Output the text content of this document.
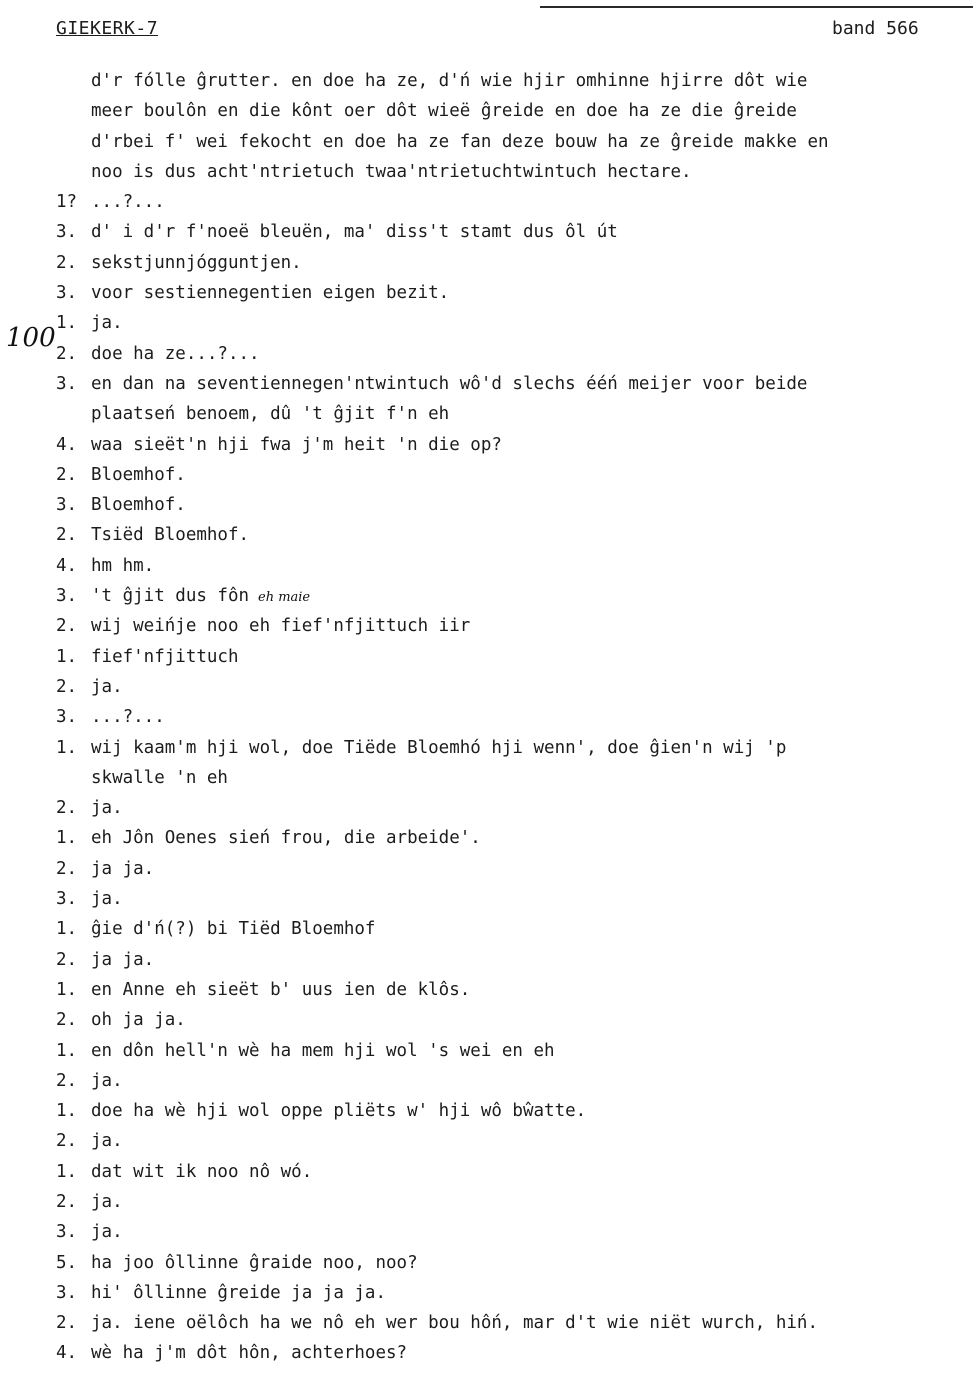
GIEKERK-7	band 566
100
eh maie
d'r fólle ĝrutter. en doe ha ze, d'ń wie hjir omhinne hjirre dôt wie
meer boulôn en die kônt oer dôt wieë ĝreide en doe ha ze die ĝreide
d'rbei f' wei fekocht en doe ha ze fan deze bouw ha ze ĝreide makke en
noo is dus acht'ntrietuch twaa'ntrietuchtwintuch hectare.
1? ...?...
3. d' i d'r f'noeë bleuën, ma' diss't stamt dus ôl út
2. sekstjunnjógguntjen.
3. voor sestiennegentien eigen bezit.
1. ja.
2. doe ha ze...?...
3. en dan na seventiennegen'ntwintuch wô'd slechs ééń meijer voor beide
plaatseń benoem, dû 't ĝjit f'n eh
4. waa sieët'n hji fwa j'm heit 'n die op?
2. Bloemhof.
3. Bloemhof.
2. Tsiëd Bloemhof.
4. hm hm.
3. 't ĝjit dus fôn
2. wij weińje noo eh fief'nfjittuch iir
1. fief'nfjittuch
2. ja.
3. ...?...
1. wij kaam'm hji wol, doe Tiëde Bloemhó hji wenn', doe ĝien'n wij 'p
skwalle 'n eh
2. ja.
1. eh Jôn Oenes sień frou, die arbeide'.
2. ja ja.
3. ja.
1. ĝie d'ń(?) bi Tiëd Bloemhof
2. ja ja.
1. en Anne eh sieët b' uus ien de klôs.
2. oh ja ja.
1. en dôn hell'n wè ha mem hji wol 's wei en eh
2. ja.
1. doe ha wè hji wol oppe pliëts w' hji wô bŵatte.
2. ja.
1. dat wit ik noo nô wó.
2. ja.
3. ja.
5. ha joo ôllinne ĝraide noo, noo?
3. hi' ôllinne ĝreide ja ja ja.
2. ja. iene oëlôch ha we nô eh wer bou hôń, mar d't wie niët wurch, hiń.
4. wè ha j'm dôt hôn, achterhoes?
